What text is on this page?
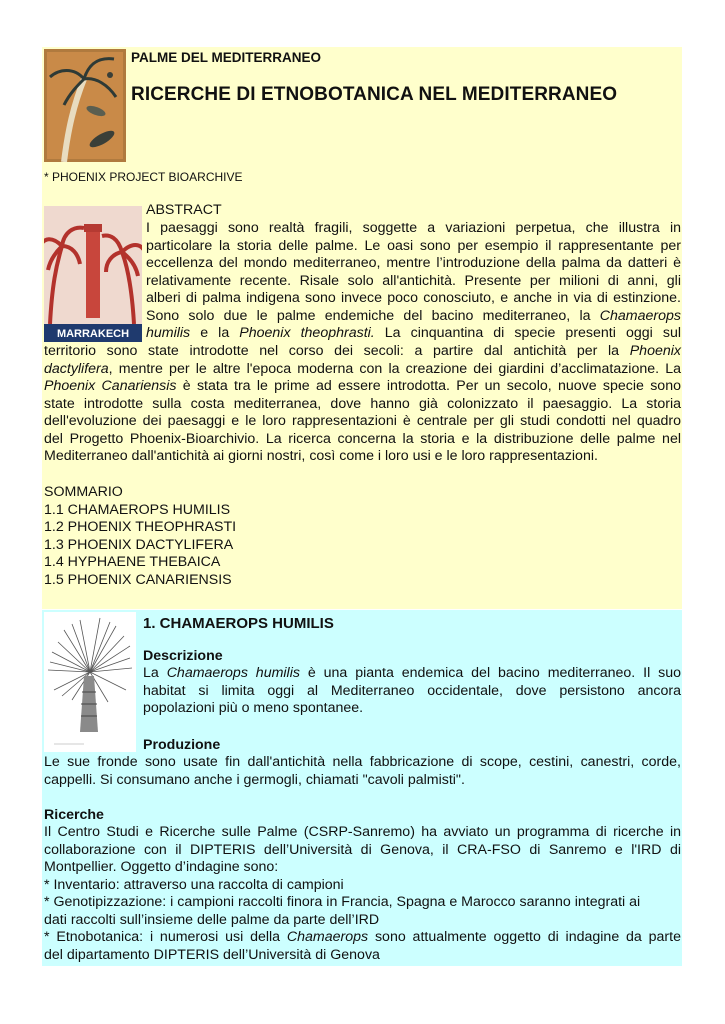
PALME DEL MEDITERRANEO
RICERCHE DI ETNOBOTANICA NEL MEDITERRANEO
* PHOENIX PROJECT BIOARCHIVE
MARRAKECH
ABSTRACT
I paesaggi sono realtà fragili, soggette a variazioni perpetua, che illustra in
particolare la storia delle palme. Le oasi sono per esempio il rappresentante per
eccellenza del mondo mediterraneo, mentre l’introduzione della palma da datteri è
relativamente recente. Risale solo all'antichità. Presente per milioni di anni, gli
alberi di palma indigena sono invece poco conosciuto, e anche in via di estinzione.
Sono solo due le palme endemiche del bacino mediterraneo, la Chamaerops
humilis e la Phoenix theophrasti. La cinquantina di specie presenti oggi sul
territorio sono state introdotte nel corso dei secoli: a partire dal antichità per la Phoenix
dactylifera, mentre per le altre l'epoca moderna con la creazione dei giardini d’acclimatazione. La
Phoenix Canariensis è stata tra le prime ad essere introdotta. Per un secolo, nuove specie sono
state introdotte sulla costa mediterranea, dove hanno già colonizzato il paesaggio. La storia
dell'evoluzione dei paesaggi e le loro rappresentazioni è centrale per gli studi condotti nel quadro
del Progetto Phoenix-Bioarchivio. La ricerca concerna la storia e la distribuzione delle palme nel
Mediterraneo dall'antichità ai giorni nostri, così come i loro usi e le loro rappresentazioni.
SOMMARIO
1.1 CHAMAEROPS HUMILIS
1.2 PHOENIX THEOPHRASTI
1.3 PHOENIX DACTYLIFERA
1.4 HYPHAENE THEBAICA
1.5 PHOENIX CANARIENSIS
1. CHAMAEROPS HUMILIS
Descrizione
La Chamaerops humilis è una pianta endemica del bacino mediterraneo. Il suo
habitat si limita oggi al Mediterraneo occidentale, dove persistono ancora
popolazioni più o meno spontanee.
Produzione
Le sue fronde sono usate fin dall'antichità nella fabbricazione di scope, cestini, canestri, corde,
cappelli. Si consumano anche i germogli, chiamati "cavoli palmisti".
Ricerche
Il Centro Studi e Ricerche sulle Palme (CSRP-Sanremo) ha avviato un programma di ricerche in
collaborazione con il DIPTERIS dell’Università di Genova, il CRA-FSO di Sanremo e l'IRD di
Montpellier. Oggetto d’indagine sono:
* Inventario: attraverso una raccolta di campioni
* Genotipizzazione: i campioni raccolti finora in Francia, Spagna e Marocco saranno integrati ai
dati raccolti sull’insieme delle palme da parte dell’IRD
* Etnobotanica: i numerosi usi della Chamaerops sono attualmente oggetto di indagine da parte
del dipartamento DIPTERIS dell’Università di Genova
